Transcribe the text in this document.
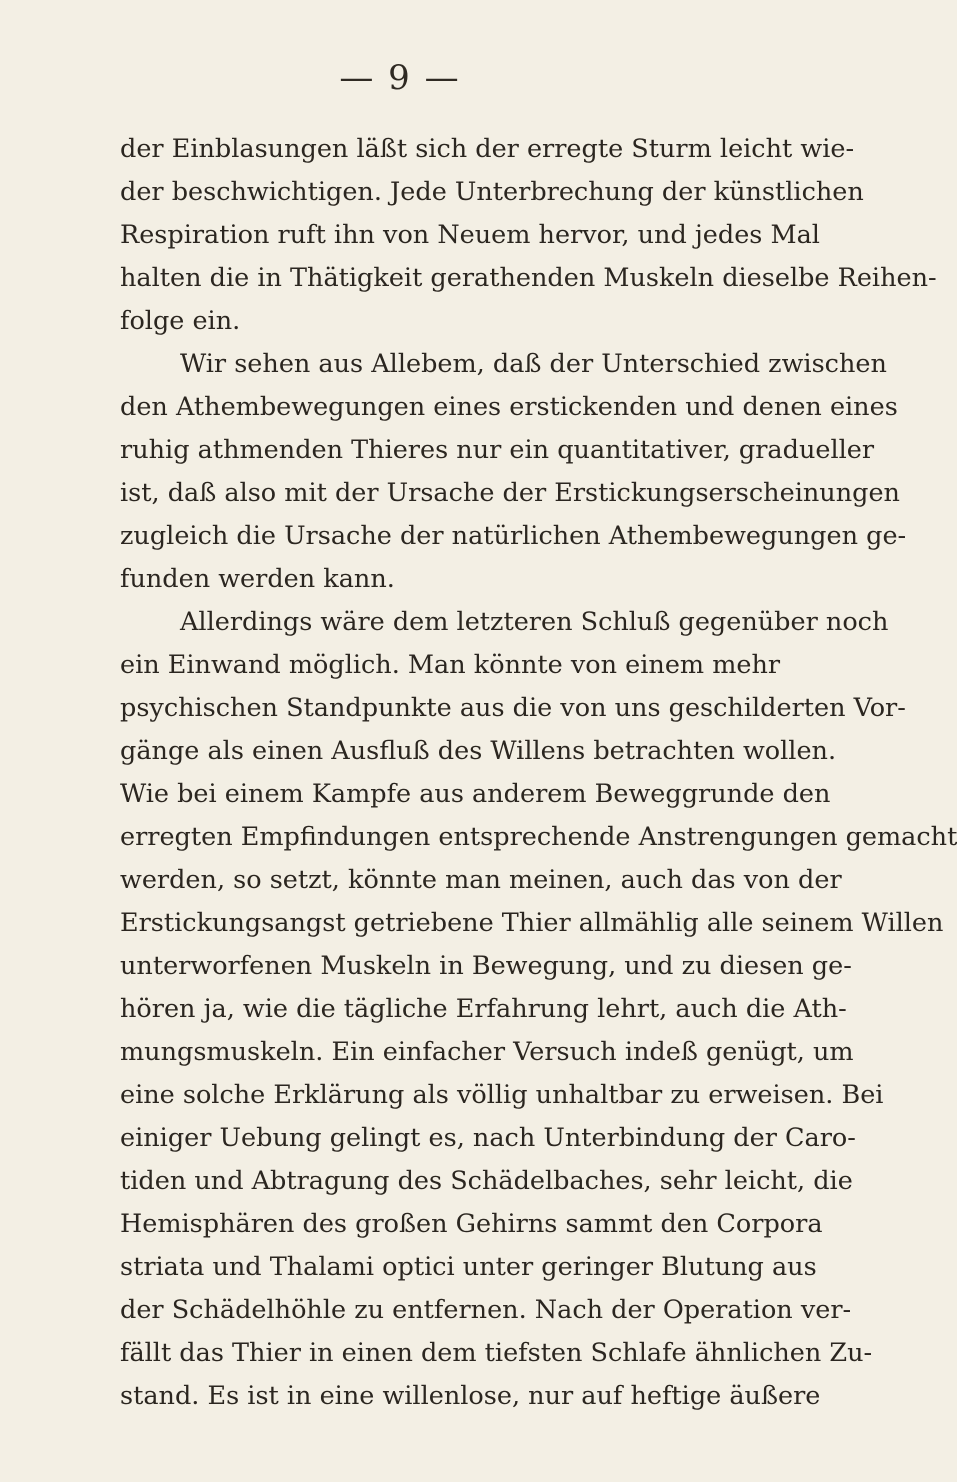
— 9 —
der Einblasungen läßt sich der erregte Sturm leicht wie-
der beschwichtigen. Jede Unterbrechung der künstlichen
Respiration ruft ihn von Neuem hervor, und jedes Mal
halten die in Thätigkeit gerathenden Muskeln dieselbe Reihen-
folge ein.
Wir sehen aus Allebem, daß der Unterschied zwischen
den Athembewegungen eines erstickenden und denen eines
ruhig athmenden Thieres nur ein quantitativer, gradueller
ist, daß also mit der Ursache der Erstickungserscheinungen
zugleich die Ursache der natürlichen Athembewegungen ge-
funden werden kann.
Allerdings wäre dem letzteren Schluß gegenüber noch
ein Einwand möglich. Man könnte von einem mehr
psychischen Standpunkte aus die von uns geschilderten Vor-
gänge als einen Ausfluß des Willens betrachten wollen.
Wie bei einem Kampfe aus anderem Beweggrunde den
erregten Empfindungen entsprechende Anstrengungen gemacht
werden, so setzt, könnte man meinen, auch das von der
Erstickungsangst getriebene Thier allmählig alle seinem Willen
unterworfenen Muskeln in Bewegung, und zu diesen ge-
hören ja, wie die tägliche Erfahrung lehrt, auch die Ath-
mungsmuskeln. Ein einfacher Versuch indeß genügt, um
eine solche Erklärung als völlig unhaltbar zu erweisen. Bei
einiger Uebung gelingt es, nach Unterbindung der Caro-
tiden und Abtragung des Schädelbaches, sehr leicht, die
Hemisphären des großen Gehirns sammt den Corpora
striata und Thalami optici unter geringer Blutung aus
der Schädelhöhle zu entfernen. Nach der Operation ver-
fällt das Thier in einen dem tiefsten Schlafe ähnlichen Zu-
stand. Es ist in eine willenlose, nur auf heftige äußere
